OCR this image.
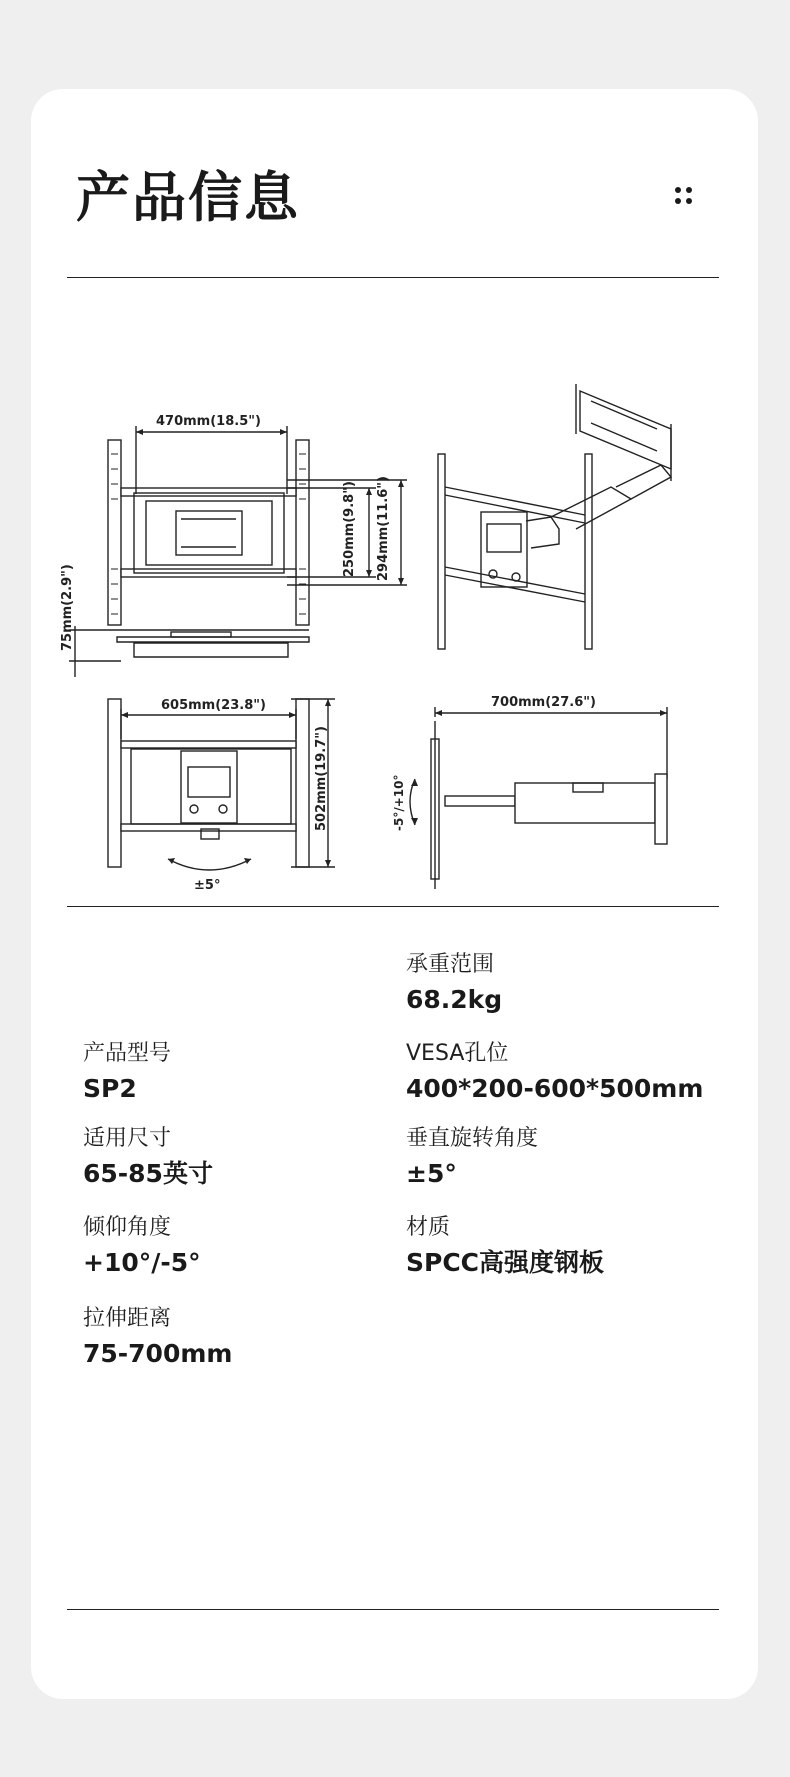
产品信息
470mm(18.5")
250mm(9.8") 294mm(11.6")
75mm(2.9")
605mm(23.8")
502mm(19.7")
±5°
700mm(27.6")
-5°/+10°
承重范围
68.2kg
产品型号
SP2
VESA孔位
400*200-600*500mm
适用尺寸
65-85英寸
垂直旋转角度
±5°
倾仰角度
+10°/-5°
材质
SPCC高强度钢板
拉伸距离
75-700mm
